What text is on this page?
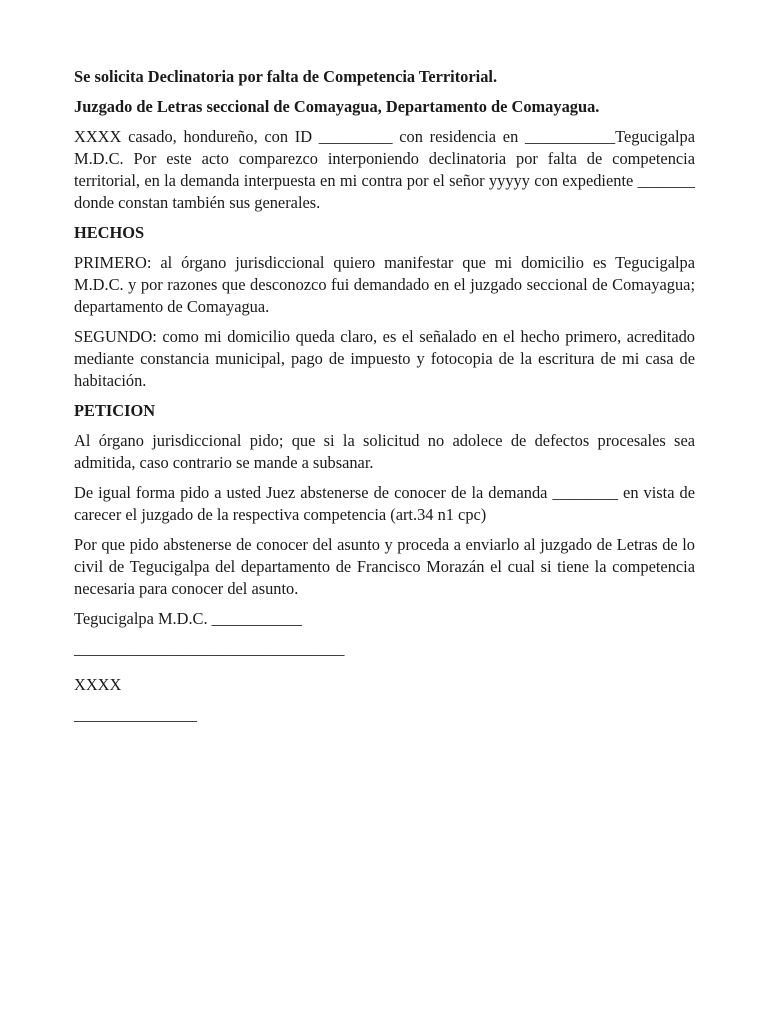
Se solicita Declinatoria por falta de Competencia Territorial.

Juzgado de Letras seccional de Comayagua, Departamento de Comayagua.

XXXX casado, hondureño, con ID _________ con residencia en ___________Tegucigalpa M.D.C. Por este acto comparezco interponiendo declinatoria por falta de competencia territorial, en la demanda interpuesta en mi contra por el señor yyyyy con expediente _______ donde constan también sus generales.

HECHOS

PRIMERO: al órgano jurisdiccional quiero manifestar que mi domicilio es Tegucigalpa M.D.C. y por razones que desconozco fui demandado en el juzgado seccional de Comayagua; departamento de Comayagua.

SEGUNDO: como mi domicilio queda claro, es el señalado en el hecho primero, acreditado mediante constancia municipal, pago de impuesto y fotocopia de la escritura de mi casa de habitación.

PETICION

Al órgano jurisdiccional pido; que si la solicitud no adolece de defectos procesales sea admitida, caso contrario se mande a subsanar.

De igual forma pido a usted Juez abstenerse de conocer de la demanda ________ en vista de carecer el juzgado de la respectiva competencia (art.34 n1 cpc)

Por que pido abstenerse de conocer del asunto y proceda a enviarlo al juzgado de Letras de lo civil de Tegucigalpa del departamento de Francisco Morazán el cual si tiene la competencia necesaria para conocer del asunto.

Tegucigalpa M.D.C. ___________

_________________________________

XXXX

_______________
